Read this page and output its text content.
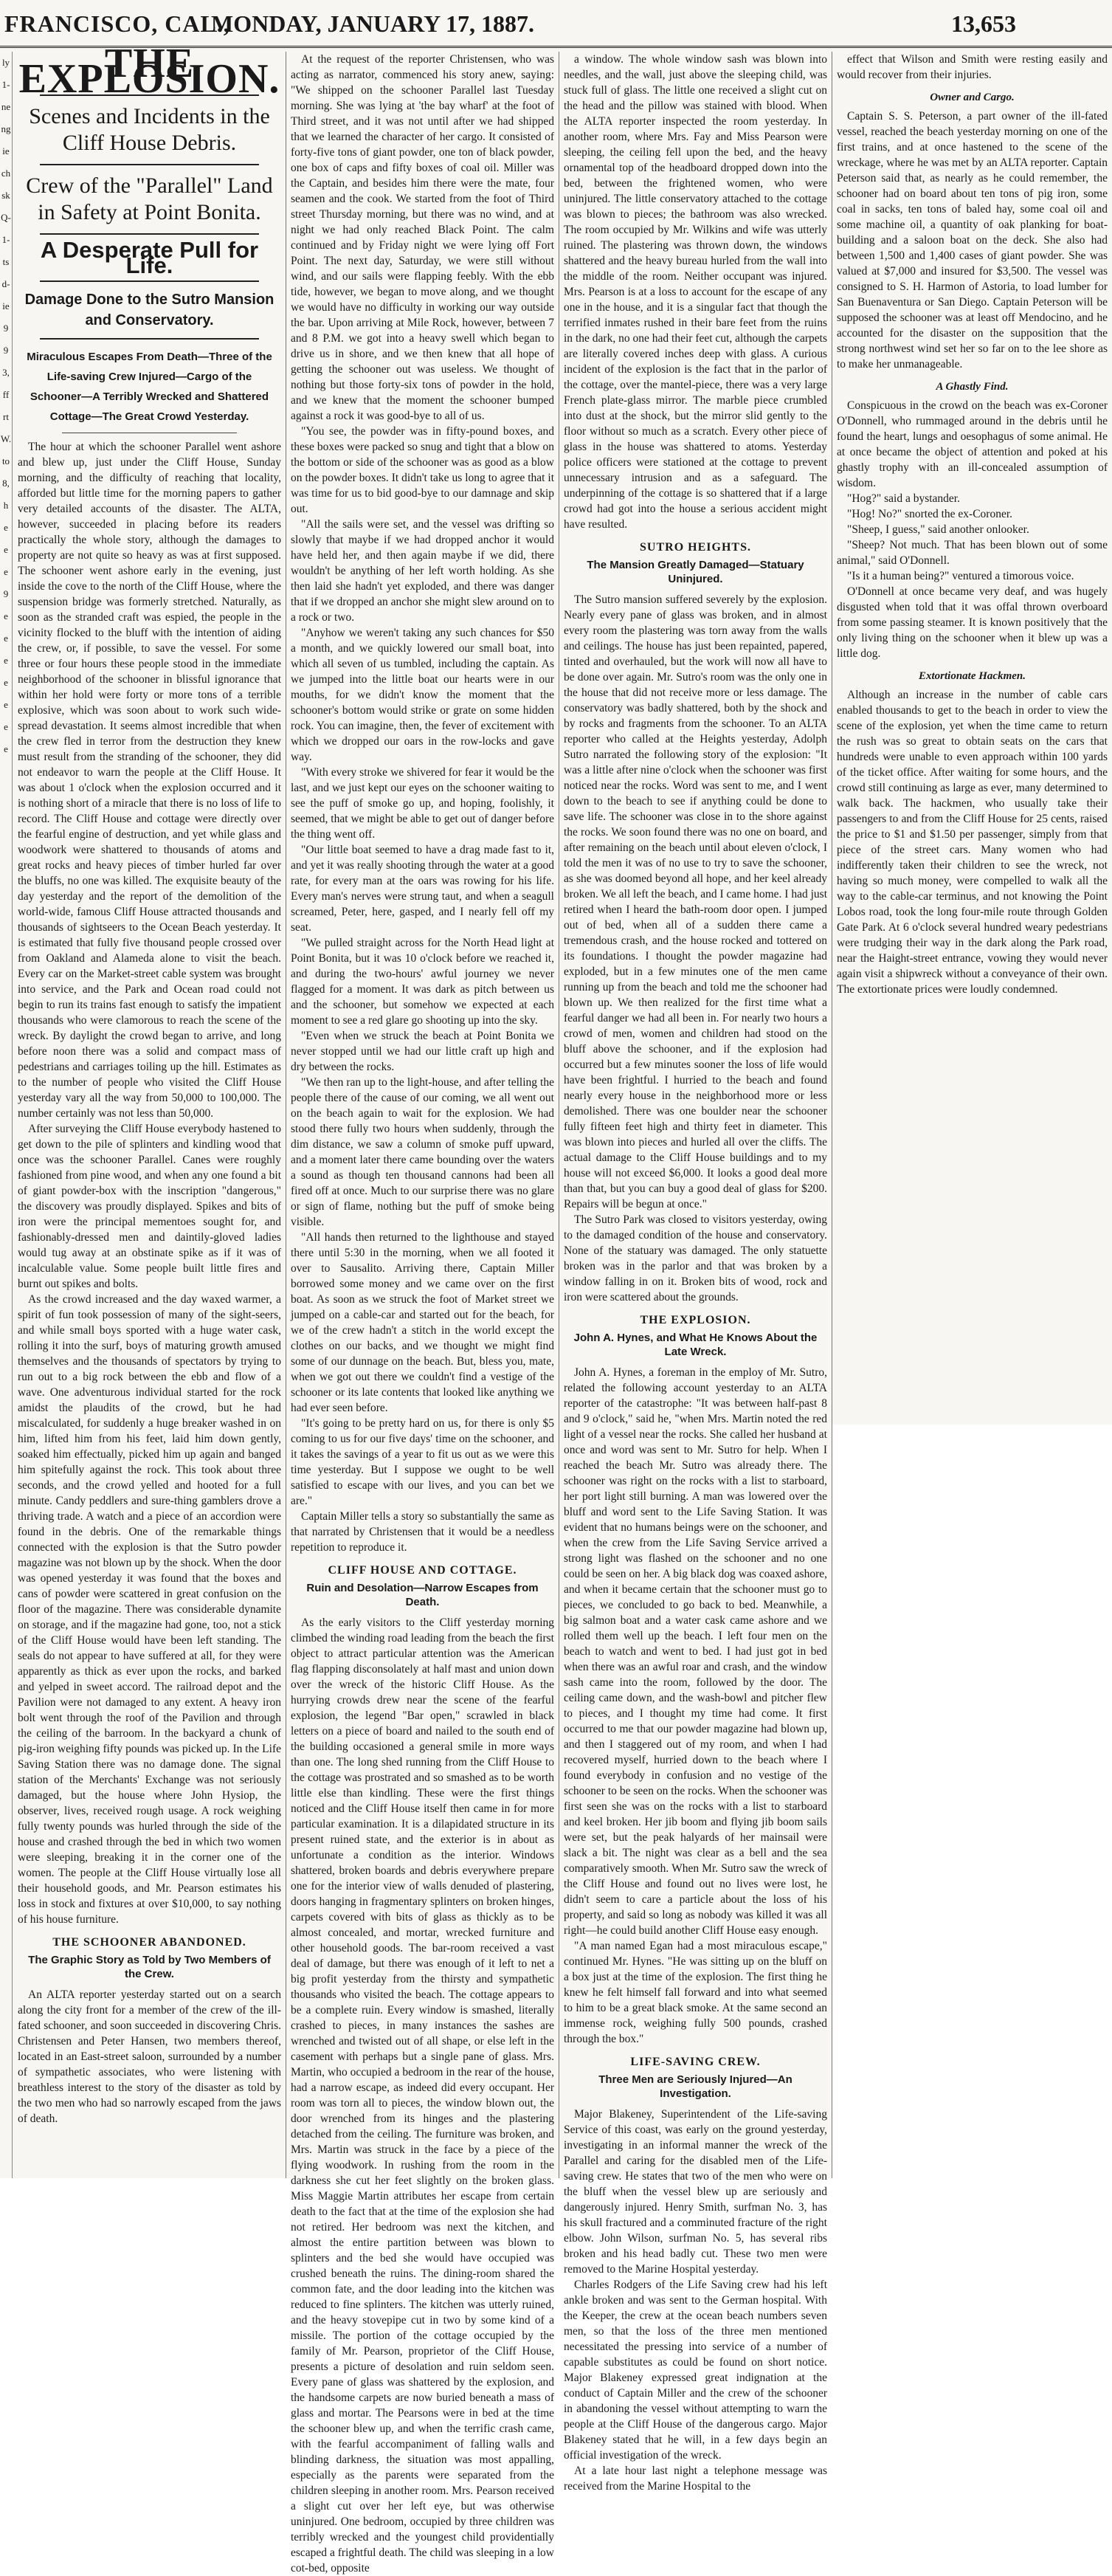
FRANCISCO, CAL.,
MONDAY, JANUARY 17, 1887.	13,653
ly
1-
ne
ng
ie
ch
sk
Q-
1-
ts
d-
ie
9
9
3,
ff
rt
W.
to
8,
h
e
e
e
9
e
e
e
e
e
e
e
THE EXPLOSION.
Scenes and Incidents in the Cliff House Debris.
Crew of the "Parallel" Land in Safety at Point Bonita.
A Desperate Pull for Life.
Damage Done to the Sutro Mansion and Conservatory.
Miraculous Escapes From Death—Three of the Life-saving Crew Injured—Cargo of the Schooner—A Terribly Wrecked and Shattered Cottage—The Great Crowd Yesterday.

The hour at which the schooner Parallel went ashore and blew up, just under the Cliff House, Sunday morning, and the difficulty of reaching that locality, afforded but little time for the morning papers to gather very detailed accounts of the disaster. The ALTA, however, succeeded in placing before its readers practically the whole story, although the damages to property are not quite so heavy as was at first supposed. The schooner went ashore early in the evening, just inside the cove to the north of the Cliff House, where the suspension bridge was formerly stretched. Naturally, as soon as the stranded craft was espied, the people in the vicinity flocked to the bluff with the intention of aiding the crew, or, if possible, to save the vessel. For some three or four hours these people stood in the immediate neighborhood of the schooner in blissful ignorance that within her hold were forty or more tons of a terrible explosive, which was soon about to work such wide-spread devastation. It seems almost incredible that when the crew fled in terror from the destruction they knew must result from the stranding of the schooner, they did not endeavor to warn the people at the Cliff House. It was about 1 o'clock when the explosion occurred and it is nothing short of a miracle that there is no loss of life to record. The Cliff House and cottage were directly over the fearful engine of destruction, and yet while glass and woodwork were shattered to thousands of atoms and great rocks and heavy pieces of timber hurled far over the bluffs, no one was killed. The exquisite beauty of the day yesterday and the report of the demolition of the world-wide, famous Cliff House attracted thousands and thousands of sightseers to the Ocean Beach yesterday. It is estimated that fully five thousand people crossed over from Oakland and Alameda alone to visit the beach. Every car on the Market-street cable system was brought into service, and the Park and Ocean road could not begin to run its trains fast enough to satisfy the impatient thousands who were clamorous to reach the scene of the wreck. By daylight the crowd began to arrive, and long before noon there was a solid and compact mass of pedestrians and carriages toiling up the hill. Estimates as to the number of people who visited the Cliff House yesterday vary all the way from 50,000 to 100,000. The number certainly was not less than 50,000.

After surveying the Cliff House everybody hastened to get down to the pile of splinters and kindling wood that once was the schooner Parallel. Canes were roughly fashioned from pine wood, and when any one found a bit of giant powder-box with the inscription "dangerous," the discovery was proudly displayed. Spikes and bits of iron were the principal mementoes sought for, and fashionably-dressed men and daintily-gloved ladies would tug away at an obstinate spike as if it was of incalculable value. Some people built little fires and burnt out spikes and bolts.

As the crowd increased and the day waxed warmer, a spirit of fun took possession of many of the sight-seers, and while small boys sported with a huge water cask, rolling it into the surf, boys of maturing growth amused themselves and the thousands of spectators by trying to run out to a big rock between the ebb and flow of a wave. One adventurous individual started for the rock amidst the plaudits of the crowd, but he had miscalculated, for suddenly a huge breaker washed in on him, lifted him from his feet, laid him down gently, soaked him effectually, picked him up again and banged him spitefully against the rock. This took about three seconds, and the crowd yelled and hooted for a full minute. Candy peddlers and sure-thing gamblers drove a thriving trade. A watch and a piece of an accordion were found in the debris. One of the remarkable things connected with the explosion is that the Sutro powder magazine was not blown up by the shock. When the door was opened yesterday it was found that the boxes and cans of powder were scattered in great confusion on the floor of the magazine. There was considerable dynamite on storage, and if the magazine had gone, too, not a stick of the Cliff House would have been left standing. The seals do not appear to have suffered at all, for they were apparently as thick as ever upon the rocks, and barked and yelped in sweet accord. The railroad depot and the Pavilion were not damaged to any extent. A heavy iron bolt went through the roof of the Pavilion and through the ceiling of the barroom. In the backyard a chunk of pig-iron weighing fifty pounds was picked up. In the Life Saving Station there was no damage done. The signal station of the Merchants' Exchange was not seriously damaged, but the house where John Hysiop, the observer, lives, received rough usage. A rock weighing fully twenty pounds was hurled through the side of the house and crashed through the bed in which two women were sleeping, breaking it in the corner one of the women. The people at the Cliff House virtually lose all their household goods, and Mr. Pearson estimates his loss in stock and fixtures at over $10,000, to say nothing of his house furniture.

THE SCHOONER ABANDONED.
The Graphic Story as Told by Two Members of the Crew.

An ALTA reporter yesterday started out on a search along the city front for a member of the crew of the ill-fated schooner, and soon succeeded in discovering Chris. Christensen and Peter Hansen, two members thereof, located in an East-street saloon, surrounded by a number of sympathetic associates, who were listening with breathless interest to the story of the disaster as told by the two men who had so narrowly escaped from the jaws of death.

At the request of the reporter Christensen, who was acting as narrator, commenced his story anew, saying: "We shipped on the schooner Parallel last Tuesday morning. She was lying at 'the bay wharf' at the foot of Third street, and it was not until after we had shipped that we learned the character of her cargo. It consisted of forty-five tons of giant powder, one ton of black powder, one box of caps and fifty boxes of coal oil. Miller was the Captain, and besides him there were the mate, four seamen and the cook. We started from the foot of Third street Thursday morning, but there was no wind, and at night we had only reached Black Point. The calm continued and by Friday night we were lying off Fort Point. The next day, Saturday, we were still without wind, and our sails were flapping feebly. With the ebb tide, however, we began to move along, and we thought we would have no difficulty in working our way outside the bar. Upon arriving at Mile Rock, however, between 7 and 8 P.M. we got into a heavy swell which began to drive us in shore, and we then knew that all hope of getting the schooner out was useless. We thought of nothing but those forty-six tons of powder in the hold, and we knew that the moment the schooner bumped against a rock it was good-bye to all of us.

"You see, the powder was in fifty-pound boxes, and these boxes were packed so snug and tight that a blow on the bottom or side of the schooner was as good as a blow on the powder boxes. It didn't take us long to agree that it was time for us to bid good-bye to our damnage and skip out.

"All the sails were set, and the vessel was drifting so slowly that maybe if we had dropped anchor it would have held her, and then again maybe if we did, there wouldn't be anything of her left worth holding. As she then laid she hadn't yet exploded, and there was danger that if we dropped an anchor she might slew around on to a rock or two.

"Anyhow we weren't taking any such chances for $50 a month, and we quickly lowered our small boat, into which all seven of us tumbled, including the captain. As we jumped into the little boat our hearts were in our mouths, for we didn't know the moment that the schooner's bottom would strike or grate on some hidden rock. You can imagine, then, the fever of excitement with which we dropped our oars in the row-locks and gave way.

"With every stroke we shivered for fear it would be the last, and we just kept our eyes on the schooner waiting to see the puff of smoke go up, and hoping, foolishly, it seemed, that we might be able to get out of danger before the thing went off.

"Our little boat seemed to have a drag made fast to it, and yet it was really shooting through the water at a good rate, for every man at the oars was rowing for his life. Every man's nerves were strung taut, and when a seagull screamed, Peter, here, gasped, and I nearly fell off my seat.

"We pulled straight across for the North Head light at Point Bonita, but it was 10 o'clock before we reached it, and during the two-hours' awful journey we never flagged for a moment. It was dark as pitch between us and the schooner, but somehow we expected at each moment to see a red glare go shooting up into the sky.

"Even when we struck the beach at Point Bonita we never stopped until we had our little craft up high and dry between the rocks.

"We then ran up to the light-house, and after telling the people there of the cause of our coming, we all went out on the beach again to wait for the explosion. We had stood there fully two hours when suddenly, through the dim distance, we saw a column of smoke puff upward, and a moment later there came bounding over the waters a sound as though ten thousand cannons had been all fired off at once. Much to our surprise there was no glare or sign of flame, nothing but the puff of smoke being visible.

"All hands then returned to the lighthouse and stayed there until 5:30 in the morning, when we all footed it over to Sausalito. Arriving there, Captain Miller borrowed some money and we came over on the first boat. As soon as we struck the foot of Market street we jumped on a cable-car and started out for the beach, for we of the crew hadn't a stitch in the world except the clothes on our backs, and we thought we might find some of our dunnage on the beach. But, bless you, mate, when we got out there we couldn't find a vestige of the schooner or its late contents that looked like anything we had ever seen before.

"It's going to be pretty hard on us, for there is only $5 coming to us for our five days' time on the schooner, and it takes the savings of a year to fit us out as we were this time yesterday. But I suppose we ought to be well satisfied to escape with our lives, and you can bet we are."

Captain Miller tells a story so substantially the same as that narrated by Christensen that it would be a needless repetition to reproduce it.

CLIFF HOUSE AND COTTAGE.
Ruin and Desolation—Narrow Escapes from Death.

As the early visitors to the Cliff yesterday morning climbed the winding road leading from the beach the first object to attract particular attention was the American flag flapping disconsolately at half mast and union down over the wreck of the historic Cliff House. As the hurrying crowds drew near the scene of the fearful explosion, the legend "Bar open," scrawled in black letters on a piece of board and nailed to the south end of the building occasioned a general smile in more ways than one. The long shed running from the Cliff House to the cottage was prostrated and so smashed as to be worth little else than kindling. These were the first things noticed and the Cliff House itself then came in for more particular examination. It is a dilapidated structure in its present ruined state, and the exterior is in about as unfortunate a condition as the interior. Windows shattered, broken boards and debris everywhere prepare one for the interior view of walls denuded of plastering, doors hanging in fragmentary splinters on broken hinges, carpets covered with bits of glass as thickly as to be almost concealed, and mortar, wrecked furniture and other household goods. The bar-room received a vast deal of damage, but there was enough of it left to net a big profit yesterday from the thirsty and sympathetic thousands who visited the beach. The cottage appears to be a complete ruin. Every window is smashed, literally crashed to pieces, in many instances the sashes are wrenched and twisted out of all shape, or else left in the casement with perhaps but a single pane of glass. Mrs. Martin, who occupied a bedroom in the rear of the house, had a narrow escape, as indeed did every occupant. Her room was torn all to pieces, the window blown out, the door wrenched from its hinges and the plastering detached from the ceiling. The furniture was broken, and Mrs. Martin was struck in the face by a piece of the flying woodwork. In rushing from the room in the darkness she cut her feet slightly on the broken glass. Miss Maggie Martin attributes her escape from certain death to the fact that at the time of the explosion she had not retired. Her bedroom was next the kitchen, and almost the entire partition between was blown to splinters and the bed she would have occupied was crushed beneath the ruins. The dining-room shared the common fate, and the door leading into the kitchen was reduced to fine splinters. The kitchen was utterly ruined, and the heavy stovepipe cut in two by some kind of a missile. The portion of the cottage occupied by the family of Mr. Pearson, proprietor of the Cliff House, presents a picture of desolation and ruin seldom seen. Every pane of glass was shattered by the explosion, and the handsome carpets are now buried beneath a mass of glass and mortar. The Pearsons were in bed at the time the schooner blew up, and when the terrific crash came, with the fearful accompaniment of falling walls and blinding darkness, the situation was most appalling, especially as the parents were separated from the children sleeping in another room. Mrs. Pearson received a slight cut over her left eye, but was otherwise uninjured. One bedroom, occupied by three children was terribly wrecked and the youngest child providentially escaped a frightful death. The child was sleeping in a low cot-bed, opposite

a window. The whole window sash was blown into needles, and the wall, just above the sleeping child, was stuck full of glass. The little one received a slight cut on the head and the pillow was stained with blood. When the ALTA reporter inspected the room yesterday. In another room, where Mrs. Fay and Miss Pearson were sleeping, the ceiling fell upon the bed, and the heavy ornamental top of the headboard dropped down into the bed, between the frightened women, who were uninjured. The little conservatory attached to the cottage was blown to pieces; the bathroom was also wrecked. The room occupied by Mr. Wilkins and wife was utterly ruined. The plastering was thrown down, the windows shattered and the heavy bureau hurled from the wall into the middle of the room. Neither occupant was injured. Mrs. Pearson is at a loss to account for the escape of any one in the house, and it is a singular fact that though the terrified inmates rushed in their bare feet from the ruins in the dark, no one had their feet cut, although the carpets are literally covered inches deep with glass. A curious incident of the explosion is the fact that in the parlor of the cottage, over the mantel-piece, there was a very large French plate-glass mirror. The marble piece crumbled into dust at the shock, but the mirror slid gently to the floor without so much as a scratch. Every other piece of glass in the house was shattered to atoms. Yesterday police officers were stationed at the cottage to prevent unnecessary intrusion and as a safeguard. The underpinning of the cottage is so shattered that if a large crowd had got into the house a serious accident might have resulted.

SUTRO HEIGHTS.
The Mansion Greatly Damaged—Statuary Uninjured.

The Sutro mansion suffered severely by the explosion. Nearly every pane of glass was broken, and in almost every room the plastering was torn away from the walls and ceilings. The house has just been repainted, papered, tinted and overhauled, but the work will now all have to be done over again. Mr. Sutro's room was the only one in the house that did not receive more or less damage. The conservatory was badly shattered, both by the shock and by rocks and fragments from the schooner. To an ALTA reporter who called at the Heights yesterday, Adolph Sutro narrated the following story of the explosion: "It was a little after nine o'clock when the schooner was first noticed near the rocks. Word was sent to me, and I went down to the beach to see if anything could be done to save life. The schooner was close in to the shore against the rocks. We soon found there was no one on board, and after remaining on the beach until about eleven o'clock, I told the men it was of no use to try to save the schooner, as she was doomed beyond all hope, and her keel already broken. We all left the beach, and I came home. I had just retired when I heard the bath-room door open. I jumped out of bed, when all of a sudden there came a tremendous crash, and the house rocked and tottered on its foundations. I thought the powder magazine had exploded, but in a few minutes one of the men came running up from the beach and told me the schooner had blown up. We then realized for the first time what a fearful danger we had all been in. For nearly two hours a crowd of men, women and children had stood on the bluff above the schooner, and if the explosion had occurred but a few minutes sooner the loss of life would have been frightful. I hurried to the beach and found nearly every house in the neighborhood more or less demolished. There was one boulder near the schooner fully fifteen feet high and thirty feet in diameter. This was blown into pieces and hurled all over the cliffs. The actual damage to the Cliff House buildings and to my house will not exceed $6,000. It looks a good deal more than that, but you can buy a good deal of glass for $200. Repairs will be begun at once."

The Sutro Park was closed to visitors yesterday, owing to the damaged condition of the house and conservatory. None of the statuary was damaged. The only statuette broken was in the parlor and that was broken by a window falling in on it. Broken bits of wood, rock and iron were scattered about the grounds.

THE EXPLOSION.
John A. Hynes, and What He Knows About the Late Wreck.

John A. Hynes, a foreman in the employ of Mr. Sutro, related the following account yesterday to an ALTA reporter of the catastrophe: "It was between half-past 8 and 9 o'clock," said he, "when Mrs. Martin noted the red light of a vessel near the rocks. She called her husband at once and word was sent to Mr. Sutro for help. When I reached the beach Mr. Sutro was already there. The schooner was right on the rocks with a list to starboard, her port light still burning. A man was lowered over the bluff and word sent to the Life Saving Station. It was evident that no humans beings were on the schooner, and when the crew from the Life Saving Service arrived a strong light was flashed on the schooner and no one could be seen on her. A big black dog was coaxed ashore, and when it became certain that the schooner must go to pieces, we concluded to go back to bed. Meanwhile, a big salmon boat and a water cask came ashore and we rolled them well up the beach. I left four men on the beach to watch and went to bed. I had just got in bed when there was an awful roar and crash, and the window sash came into the room, followed by the door. The ceiling came down, and the wash-bowl and pitcher flew to pieces, and I thought my time had come. It first occurred to me that our powder magazine had blown up, and then I staggered out of my room, and when I had recovered myself, hurried down to the beach where I found everybody in confusion and no vestige of the schooner to be seen on the rocks. When the schooner was first seen she was on the rocks with a list to starboard and keel broken. Her jib boom and flying jib boom sails were set, but the peak halyards of her mainsail were slack a bit. The night was clear as a bell and the sea comparatively smooth. When Mr. Sutro saw the wreck of the Cliff House and found out no lives were lost, he didn't seem to care a particle about the loss of his property, and said so long as nobody was killed it was all right—he could build another Cliff House easy enough.

"A man named Egan had a most miraculous escape," continued Mr. Hynes. "He was sitting up on the bluff on a box just at the time of the explosion. The first thing he knew he felt himself fall forward and into what seemed to him to be a great black smoke. At the same second an immense rock, weighing fully 500 pounds, crashed through the box."

LIFE-SAVING CREW.
Three Men are Seriously Injured—An Investigation.

Major Blakeney, Superintendent of the Life-saving Service of this coast, was early on the ground yesterday, investigating in an informal manner the wreck of the Parallel and caring for the disabled men of the Life-saving crew. He states that two of the men who were on the bluff when the vessel blew up are seriously and dangerously injured. Henry Smith, surfman No. 3, has his skull fractured and a comminuted fracture of the right elbow. John Wilson, surfman No. 5, has several ribs broken and his head badly cut. These two men were removed to the Marine Hospital yesterday.

Charles Rodgers of the Life Saving crew had his left ankle broken and was sent to the German hospital. With the Keeper, the crew at the ocean beach numbers seven men, so that the loss of the three men mentioned necessitated the pressing into service of a number of capable substitutes as could be found on short notice. Major Blakeney expressed great indignation at the conduct of Captain Miller and the crew of the schooner in abandoning the vessel without attempting to warn the people at the Cliff House of the dangerous cargo. Major Blakeney stated that he will, in a few days begin an official investigation of the wreck.

At a late hour last night a telephone message was received from the Marine Hospital to the

effect that Wilson and Smith were resting easily and would recover from their injuries.

Owner and Cargo.

Captain S. S. Peterson, a part owner of the ill-fated vessel, reached the beach yesterday morning on one of the first trains, and at once hastened to the scene of the wreckage, where he was met by an ALTA reporter. Captain Peterson said that, as nearly as he could remember, the schooner had on board about ten tons of pig iron, some coal in sacks, ten tons of baled hay, some coal oil and some machine oil, a quantity of oak planking for boat-building and a saloon boat on the deck. She also had between 1,500 and 1,400 cases of giant powder. She was valued at $7,000 and insured for $3,500. The vessel was consigned to S. H. Harmon of Astoria, to load lumber for San Buenaventura or San Diego. Captain Peterson will be supposed the schooner was at least off Mendocino, and he accounted for the disaster on the supposition that the strong northwest wind set her so far on to the lee shore as to make her unmanageable.

A Ghastly Find.

Conspicuous in the crowd on the beach was ex-Coroner O'Donnell, who rummaged around in the debris until he found the heart, lungs and oesophagus of some animal. He at once became the object of attention and poked at his ghastly trophy with an ill-concealed assumption of wisdom.

"Hog?" said a bystander.

"Hog! No?" snorted the ex-Coroner.

"Sheep, I guess," said another onlooker.

"Sheep? Not much. That has been blown out of some animal," said O'Donnell.

"Is it a human being?" ventured a timorous voice.

O'Donnell at once became very deaf, and was hugely disgusted when told that it was offal thrown overboard from some passing steamer. It is known positively that the only living thing on the schooner when it blew up was a little dog.

Extortionate Hackmen.

Although an increase in the number of cable cars enabled thousands to get to the beach in order to view the scene of the explosion, yet when the time came to return the rush was so great to obtain seats on the cars that hundreds were unable to even approach within 100 yards of the ticket office. After waiting for some hours, and the crowd still continuing as large as ever, many determined to walk back. The hackmen, who usually take their passengers to and from the Cliff House for 25 cents, raised the price to $1 and $1.50 per passenger, simply from that piece of the street cars. Many women who had indifferently taken their children to see the wreck, not having so much money, were compelled to walk all the way to the cable-car terminus, and not knowing the Point Lobos road, took the long four-mile route through Golden Gate Park. At 6 o'clock several hundred weary pedestrians were trudging their way in the dark along the Park road, near the Haight-street entrance, vowing they would never again visit a shipwreck without a conveyance of their own. The extortionate prices were loudly condemned.
